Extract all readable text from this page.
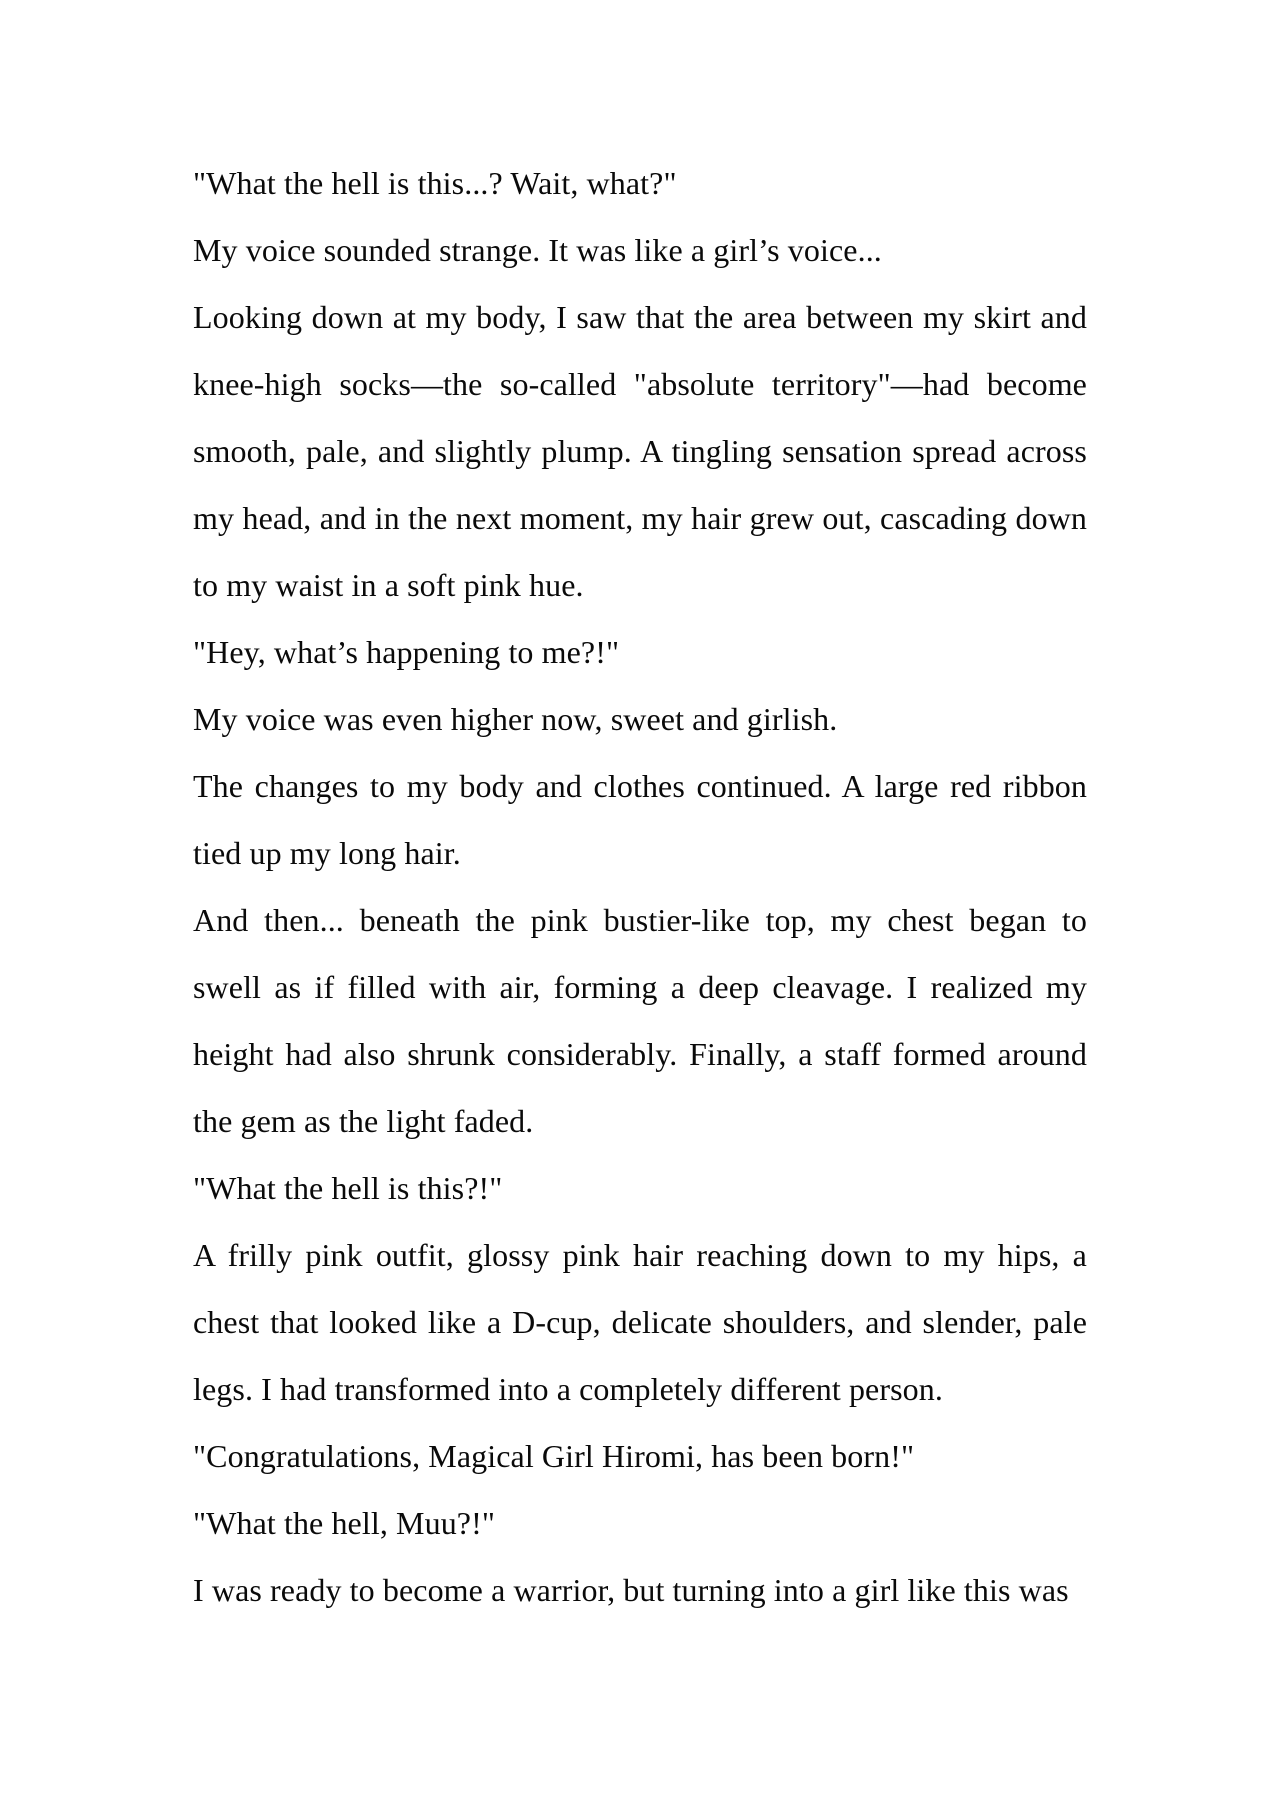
"What the hell is this...? Wait, what?"

My voice sounded strange. It was like a girl’s voice...

Looking down at my body, I saw that the area between my skirt and knee-high socks—the so-called "absolute territory"—had become smooth, pale, and slightly plump. A tingling sensation spread across my head, and in the next moment, my hair grew out, cascading down to my waist in a soft pink hue.

"Hey, what’s happening to me?!"

My voice was even higher now, sweet and girlish.

The changes to my body and clothes continued. A large red ribbon tied up my long hair.

And then... beneath the pink bustier-like top, my chest began to swell as if filled with air, forming a deep cleavage. I realized my height had also shrunk considerably. Finally, a staff formed around the gem as the light faded.

"What the hell is this?!"

A frilly pink outfit, glossy pink hair reaching down to my hips, a chest that looked like a D-cup, delicate shoulders, and slender, pale legs. I had transformed into a completely different person.

"Congratulations, Magical Girl Hiromi, has been born!"

"What the hell, Muu?!"

I was ready to become a warrior, but turning into a girl like this was
